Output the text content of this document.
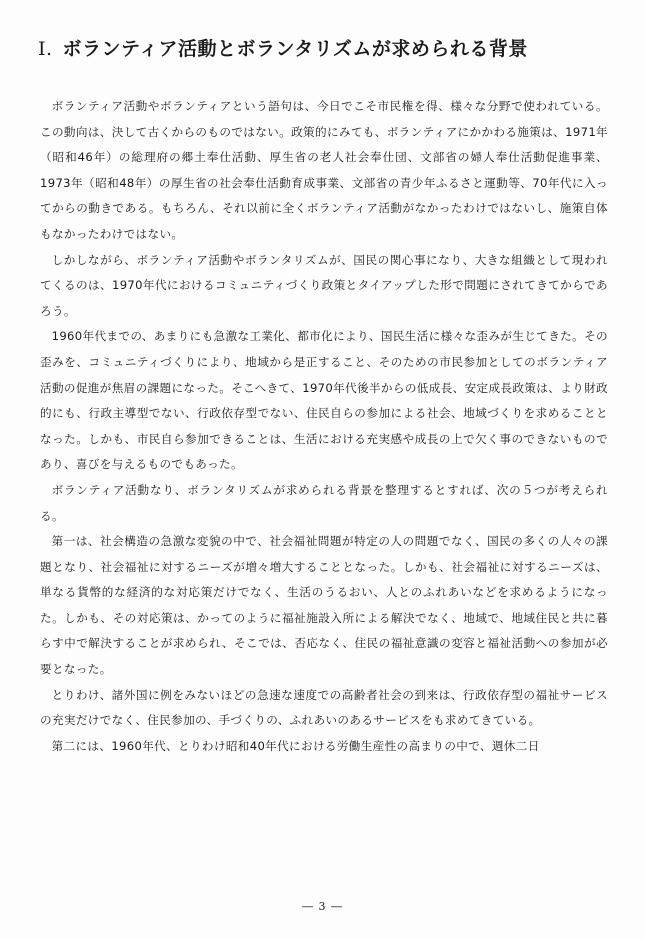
Ⅰ. ボランティア活動とボランタリズムが求められる背景

ボランティア活動やボランティアという語句は、今日でこそ市民権を得、様々な分野で使われている。この動向は、決して古くからのものではない。政策的にみても、ボランティアにかかわる施策は、1971年（昭和46年）の総理府の郷土奉仕活動、厚生省の老人社会奉仕団、文部省の婦人奉仕活動促進事業、1973年（昭和48年）の厚生省の社会奉仕活動育成事業、文部省の青少年ふるさと運動等、70年代に入ってからの動きである。もちろん、それ以前に全くボランティア活動がなかったわけではないし、施策自体もなかったわけではない。

しかしながら、ボランティア活動やボランタリズムが、国民の関心事になり、大きな組織として現われてくるのは、1970年代におけるコミュニティづくり政策とタイアップした形で問題にされてきてからであろう。

1960年代までの、あまりにも急激な工業化、都市化により、国民生活に様々な歪みが生じてきた。その歪みを、コミュニティづくりにより、地域から是正すること、そのための市民参加としてのボランティア活動の促進が焦眉の課題になった。そこへきて、1970年代後半からの低成長、安定成長政策は、より財政的にも、行政主導型でない、行政依存型でない、住民自らの参加による社会、地域づくりを求めることとなった。しかも、市民自ら参加できることは、生活における充実感や成長の上で欠く事のできないものであり、喜びを与えるものでもあった。

ボランティア活動なり、ボランタリズムが求められる背景を整理するとすれば、次の５つが考えられる。

第一は、社会構造の急激な変貌の中で、社会福祉問題が特定の人の問題でなく、国民の多くの人々の課題となり、社会福祉に対するニーズが増々増大することとなった。しかも、社会福祉に対するニーズは、単なる貨幣的な経済的な対応策だけでなく、生活のうるおい、人とのふれあいなどを求めるようになった。しかも、その対応策は、かってのように福祉施設入所による解決でなく、地域で、地域住民と共に暮らす中で解決することが求められ、そこでは、否応なく、住民の福祉意識の変容と福祉活動への参加が必要となった。

とりわけ、諸外国に例をみないほどの急速な速度での高齢者社会の到来は、行政依存型の福祉サービスの充実だけでなく、住民参加の、手づくりの、ふれあいのあるサービスをも求めてきている。

第二には、1960年代、とりわけ昭和40年代における労働生産性の高まりの中で、週休二日

― 3 ―
